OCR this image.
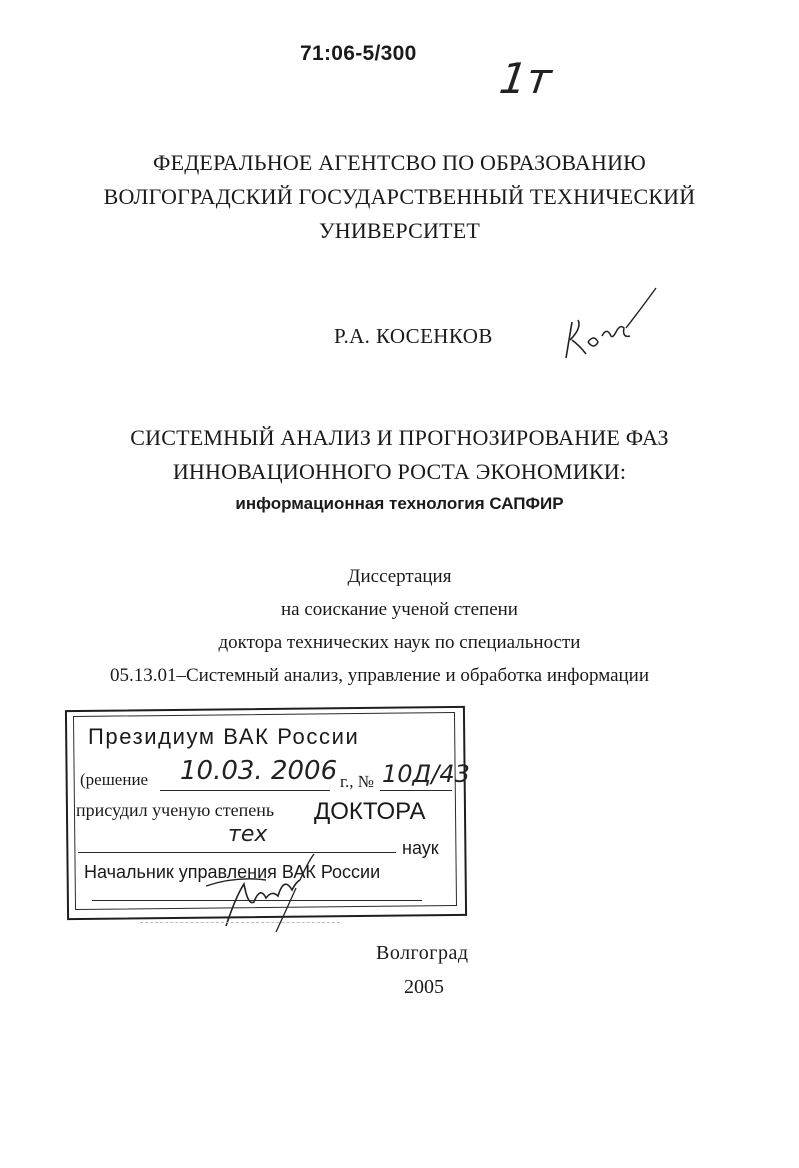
71:06-5/300
1т
ФЕДЕРАЛЬНОЕ АГЕНТСВО ПО ОБРАЗОВАНИЮ
ВОЛГОГРАДСКИЙ ГОСУДАРСТВЕННЫЙ ТЕХНИЧЕСКИЙ
УНИВЕРСИТЕТ
Р.А. КОСЕНКОВ
СИСТЕМНЫЙ АНАЛИЗ И ПРОГНОЗИРОВАНИЕ ФАЗ
ИННОВАЦИОННОГО РОСТА ЭКОНОМИКИ:
информационная технология САПФИР
Диссертация
на соискание ученой степени
доктора технических наук по специальности
05.13.01–Системный анализ, управление и обработка информации
Президиум ВАК России
(решение 10.03. 2006 г., № 10Д/43
присудил ученую степень ДОКТОРА
тех
наук
Начальник управления ВАК России
Волгоград
2005
